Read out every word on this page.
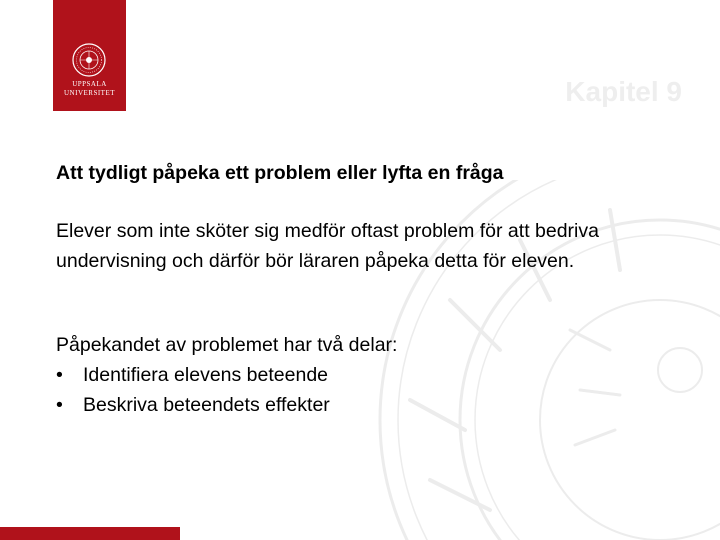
UPPSALA
UNIVERSITET	Kapitel 9
Att tydligt påpeka ett problem eller lyfta en fråga

Elever som inte sköter sig medför oftast problem för att bedriva undervisning och därför bör läraren påpeka detta för eleven.

Påpekandet av problemet har två delar:

•	Identifiera elevens beteende
•	Beskriva beteendets effekter
